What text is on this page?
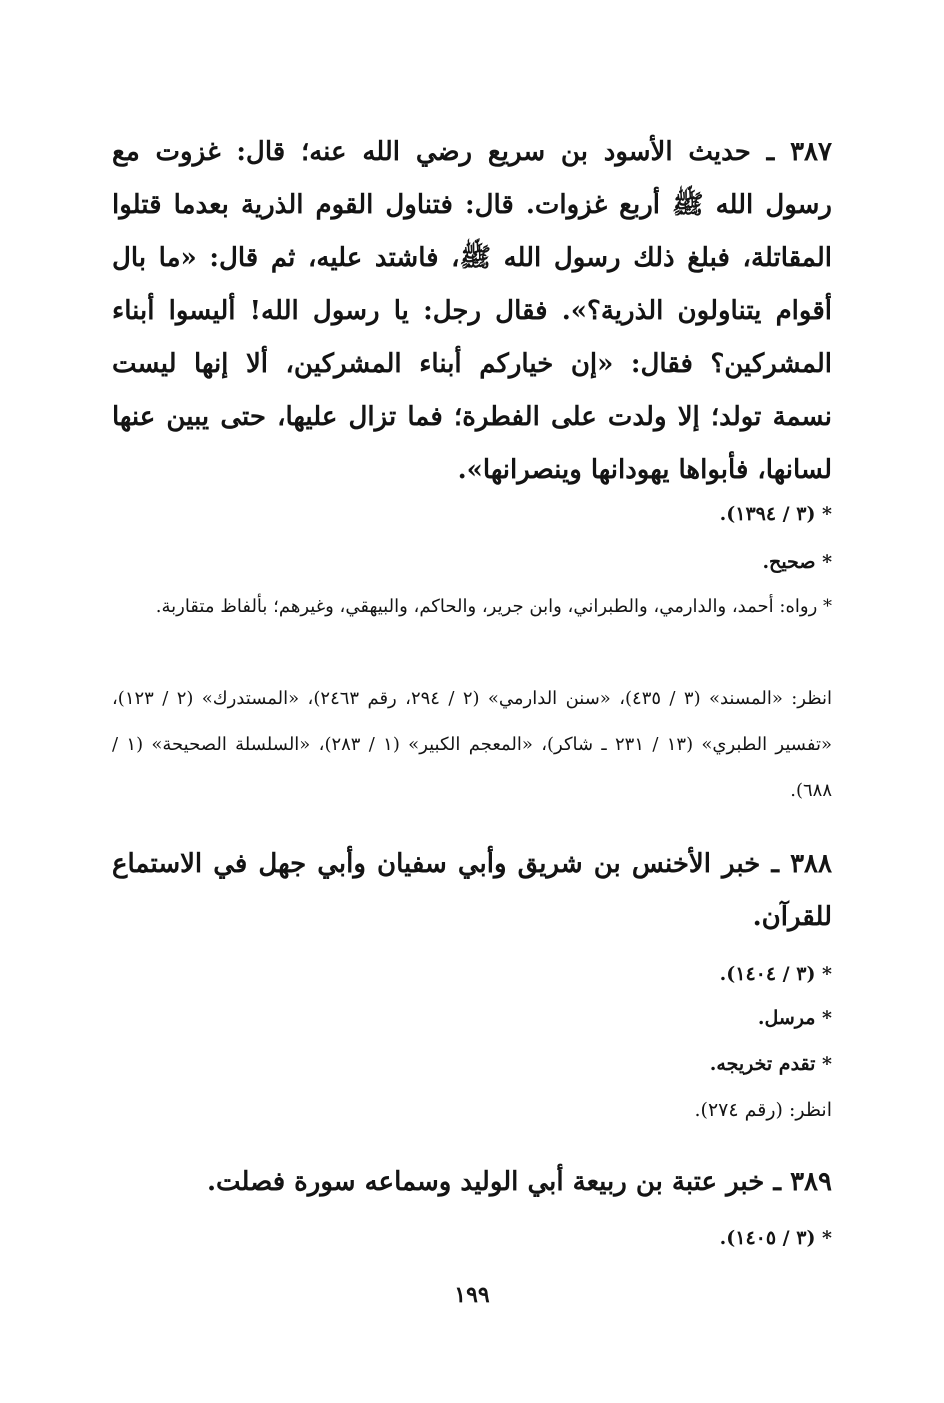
٣٨٧ ـ حديث الأسود بن سريع رضي الله عنه؛ قال: غزوت مع رسول الله ﷺ أربع غزوات. قال: فتناول القوم الذرية بعدما قتلوا المقاتلة، فبلغ ذلك رسول الله ﷺ، فاشتد عليه، ثم قال: «ما بال أقوام يتناولون الذرية؟». فقال رجل: يا رسول الله! أليسوا أبناء المشركين؟ فقال: «إن خياركم أبناء المشركين، ألا إنها ليست نسمة تولد؛ إلا ولدت على الفطرة؛ فما تزال عليها، حتى يبين عنها لسانها، فأبواها يهودانها وينصرانها».

* (٣ / ١٣٩٤).

* صحيح.

* رواه: أحمد، والدارمي، والطبراني، وابن جرير، والحاكم، والبيهقي، وغيرهم؛ بألفاظ متقاربة.

انظر: «المسند» (٣ / ٤٣٥)، «سنن الدارمي» (٢ / ٢٩٤، رقم ٢٤٦٣)، «المستدرك» (٢ / ١٢٣)، «تفسير الطبري» (١٣ / ٢٣١ ـ شاكر)، «المعجم الكبير» (١ / ٢٨٣)، «السلسلة الصحيحة» (١ / ٦٨٨).

٣٨٨ ـ خبر الأخنس بن شريق وأبي سفيان وأبي جهل في الاستماع للقرآن.

* (٣ / ١٤٠٤).

* مرسل.

* تقدم تخريجه.

انظر: (رقم ٢٧٤).

٣٨٩ ـ خبر عتبة بن ربيعة أبي الوليد وسماعه سورة فصلت.

* (٣ / ١٤٠٥).

١٩٩
